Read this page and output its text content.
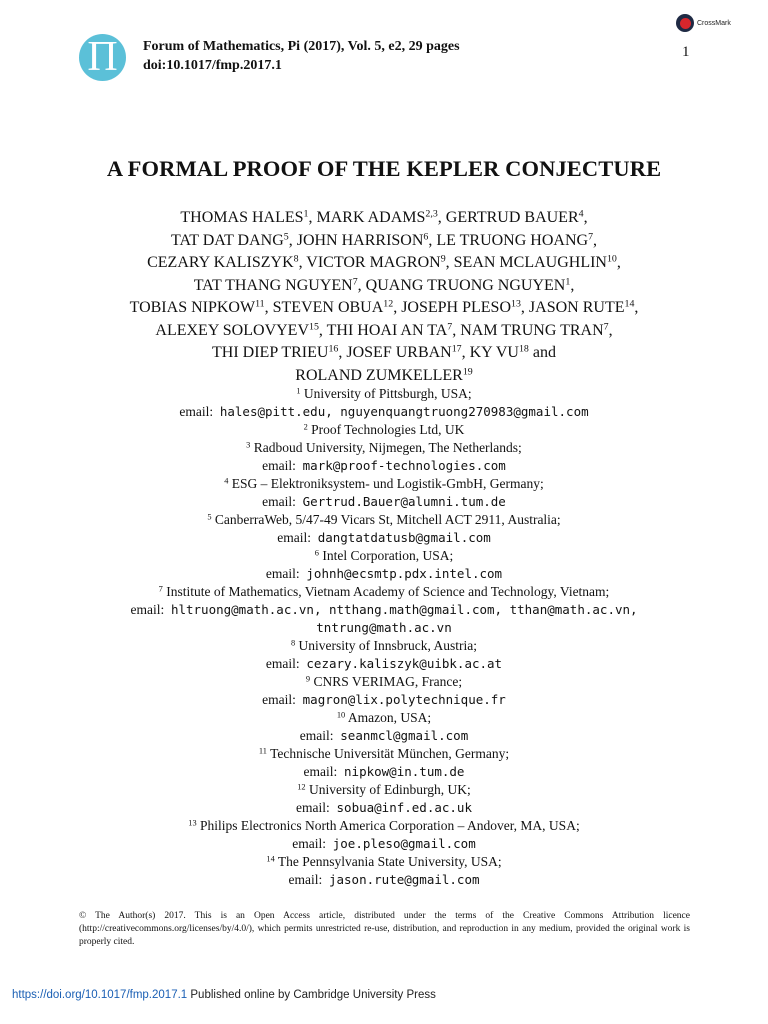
Π Forum of Mathematics, Pi (2017), Vol. 5, e2, 29 pages
doi:10.1017/fmp.2017.1
CrossMark
1
A FORMAL PROOF OF THE KEPLER CONJECTURE
THOMAS HALES$^1$, MARK ADAMS$^{2,3}$, GERTRUD BAUER$^4$,
TAT DAT DANG$^5$, JOHN HARRISON$^6$, LE TRUONG HOANG$^7$,
CEZARY KALISZYK$^8$, VICTOR MAGRON$^9$, SEAN MCLAUGHLIN$^{10}$,
TAT THANG NGUYEN$^7$, QUANG TRUONG NGUYEN$^1$,
TOBIAS NIPKOW$^{11}$, STEVEN OBUA$^{12}$, JOSEPH PLESO$^{13}$, JASON RUTE$^{14}$,
ALEXEY SOLOVYEV$^{15}$, THI HOAI AN $TA^7$, NAM TRUNG TRAN$^7$,
THI DIEP TRIEU$^{16}$, JOSEF URBAN$^{17}$, KY VU$^{18}$ and
ROLAND ZUMKELLER$^{19}$
$^1$ University of Pittsburgh, USA;
email:  hales@pitt.edu, nguyenquangtruong270983@gmail.com
$^2$ Proof Technologies Ltd, UK
$^3$ Radboud University, Nijmegen, The Netherlands;
email:  mark@proof-technologies.com
$^4$ ESG – Elektroniksystem- und Logistik-GmbH, Germany;
email:  Gertrud.Bauer@alumni.tum.de
$^5$ CanberraWeb, 5/47-49 Vicars St, Mitchell ACT 2911, Australia;
email:  dangtatdatusb@gmail.com
$^6$ Intel Corporation, USA;
email:  johnh@ecsmtp.pdx.intel.com
$^7$ Institute of Mathematics, Vietnam Academy of Science and Technology, Vietnam;
email:  hltruong@math.ac.vn, ntthang.math@gmail.com, tthan@math.ac.vn,
tntrung@math.ac.vn
$^8$ University of Innsbruck, Austria;
email:  cezary.kaliszyk@uibk.ac.at
$^9$ CNRS VERIMAG, France;
email:  magron@lix.polytechnique.fr
$^{10}$ Amazon, USA;
email:  seanmcl@gmail.com
$^{11}$ Technische Universität München, Germany;
email:  nipkow@in.tum.de
$^{12}$ University of Edinburgh, UK;
email:  sobua@inf.ed.ac.uk
$^{13}$ Philips Electronics North America Corporation – Andover, MA, USA;
email:  joe.pleso@gmail.com
$^{14}$ The Pennsylvania State University, USA;
email:  jason.rute@gmail.com
© The Author(s) 2017. This is an Open Access article, distributed under the terms of the Creative Commons Attribution licence (http://creativecommons.org/licenses/by/4.0/), which permits unrestricted re-use, distribution, and reproduction in any medium, provided the original work is properly cited.
https://doi.org/10.1017/fmp.2017.1 Published online by Cambridge University Press
